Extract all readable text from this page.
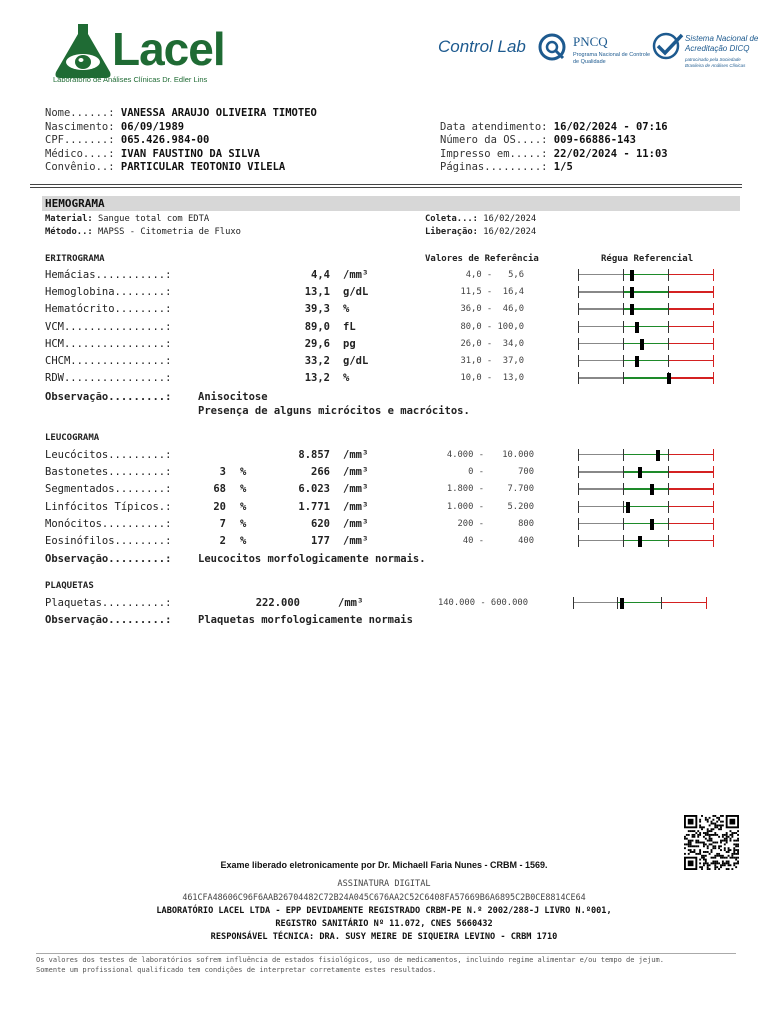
Lacel
Laboratório de Análises Clínicas Dr. Edler Lins
Control Lab	PNCQ
Programa Nacional de Controle de Qualidade
Sistema Nacional de Acreditação DICQ
patrocinado pela Sociedade Brasileira de Análises Clínicas
Nome......: VANESSA ARAUJO OLIVEIRA TIMOTEO
Nascimento: 06/09/1989
CPF.......: 065.426.984-00
Médico....: IVAN FAUSTINO DA SILVA
Convênio..: PARTICULAR TEOTONIO VILELA
Data atendimento: 16/02/2024 - 07:16
Número da OS....: 009-66886-143
Impresso em.....: 22/02/2024 - 11:03
Páginas.........: 1/5
HEMOGRAMA
Material: Sangue total com EDTA
Método..: MAPSS - Citometria de Fluxo
Coleta...: 16/02/2024
Liberação: 16/02/2024
ERITROGRAMA	Valores de Referência	Régua Referencial
Hemácias...........:	4,4 /mm³	4,0 -   5,6
Hemoglobina........:	13,1 g/dL	11,5 -  16,4
Hematócrito........:	39,3 %	36,0 -  46,0
VCM................:	89,0 fL	80,0 - 100,0
HCM................:	29,6 pg	26,0 -  34,0
CHCM...............:	33,2 g/dL	31,0 -  37,0
RDW................:	13,2 %	10,0 -  13,0
Observação.........:	Anisocitose
Presença de alguns micrócitos e macrócitos.
LEUCOGRAMA
Leucócitos.........:	8.857 /mm³	4.000 -	10.000
Bastonetes.........:	3 %	266 /mm³	0 -	700
Segmentados........:	68 %	6.023 /mm³	1.800 -	7.700
Linfócitos Típicos.:	20 %	1.771 /mm³	1.000 -	5.200
Monócitos..........:	7 %	620 /mm³	200 -	800
Eosinófilos........:	2 %	177 /mm³	40 -	400
Observação.........:	Leucocitos morfologicamente normais.
PLAQUETAS
Plaquetas..........:	222.000	/mm³	140.000 - 600.000
Observação.........:	Plaquetas morfologicamente normais
Exame liberado eletronicamente por Dr. Michaell Faria Nunes - CRBM - 1569.
ASSINATURA DIGITAL
461CFA48606C96F6AAB26704482C72B24A045C676AA2C52C6408FA57669B6A6895C2B0CE8814CE64
LABORATÓRIO LACEL LTDA - EPP DEVIDAMENTE REGISTRADO CRBM-PE N.º 2002/288-J LIVRO N.º001,
REGISTRO SANITÁRIO Nº 11.072, CNES 5660432
RESPONSÁVEL TÉCNICA: DRA. SUSY MEIRE DE SIQUEIRA LEVINO - CRBM 1710
Os valores dos testes de laboratórios sofrem influência de estados fisiológicos, uso de medicamentos, incluindo regime alimentar e/ou tempo de jejum.
Somente um profissional qualificado tem condições de interpretar corretamente estes resultados.
